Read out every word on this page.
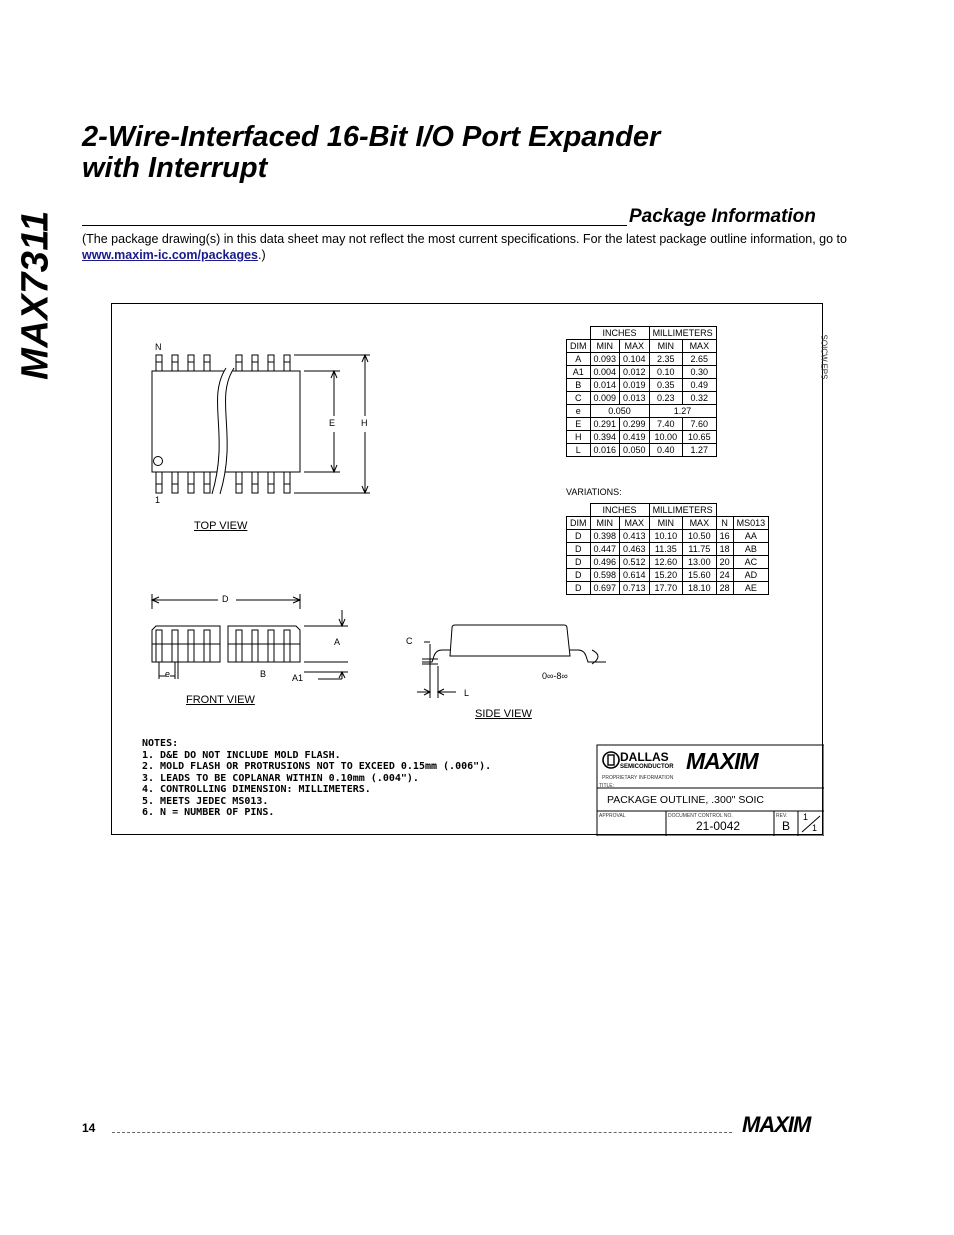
MAX7311
2-Wire-Interfaced 16-Bit I/O Port Expander
with Interrupt
Package Information
(The package drawing(s) in this data sheet may not reflect the most current specifications. For the latest package outline information, go to www.maxim-ic.com/packages.)
SOICW.EPS
N
1
E	H
D
A
A1
e	B
C
L
0∞-8∞
TOP VIEW
FRONT VIEW
SIDE VIEW
	INCHES		MILLIMETERS	
DIM	MIN	MAX	MIN	MAX
A	0.093	0.104	2.35	2.65
A1	0.004	0.012	0.10	0.30
B	0.014	0.019	0.35	0.49
C	0.009	0.013	0.23	0.32
e	0.050		1.27	
E	0.291	0.299	7.40	7.60
H	0.394	0.419	10.00	10.65
L	0.016	0.050	0.40	1.27
VARIATIONS:
	INCHES		MILLIMETERS			
DIM	MIN	MAX	MIN	MAX	N	MS013
D	0.398	0.413	10.10	10.50	16	AA
D	0.447	0.463	11.35	11.75	18	AB
D	0.496	0.512	12.60	13.00	20	AC
D	0.598	0.614	15.20	15.60	24	AD
D	0.697	0.713	17.70	18.10	28	AE
NOTES:
1. D&E DO NOT INCLUDE MOLD FLASH.
2. MOLD FLASH OR PROTRUSIONS NOT TO EXCEED 0.15mm (.006").
3. LEADS TO BE COPLANAR WITHIN 0.10mm (.004").
4. CONTROLLING DIMENSION: MILLIMETERS.
5. MEETS JEDEC MS013.
6. N = NUMBER OF PINS.
DALLAS
SEMICONDUCTOR MAXIM
PROPRIETARY INFORMATION
TITLE:
PACKAGE OUTLINE, .300" SOIC
APPROVAL	DOCUMENT CONTROL NO.	REV.
21-0042	B
1
1
14	MAXIM
